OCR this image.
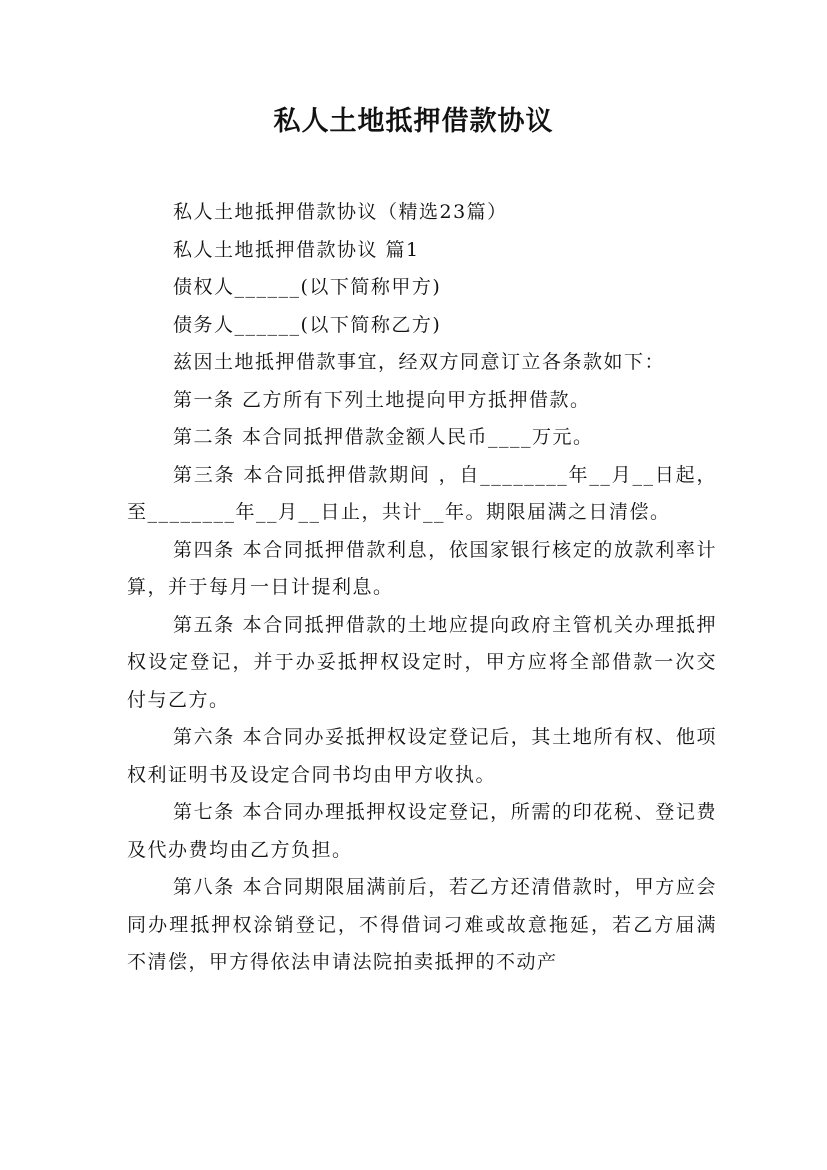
私人土地抵押借款协议

私人土地抵押借款协议（精选23篇）

私人土地抵押借款协议 篇1

债权人______(以下简称甲方)

债务人______(以下简称乙方)

兹因土地抵押借款事宜，经双方同意订立各条款如下：

第一条 乙方所有下列土地提向甲方抵押借款。

第二条 本合同抵押借款金额人民币____万元。

第三条 本合同抵押借款期间 ，自________年__月__日起，至________年__月__日止，共计__年。期限届满之日清偿。

第四条 本合同抵押借款利息，依国家银行核定的放款利率计算，并于每月一日计提利息。

第五条 本合同抵押借款的土地应提向政府主管机关办理抵押权设定登记，并于办妥抵押权设定时，甲方应将全部借款一次交付与乙方。

第六条 本合同办妥抵押权设定登记后，其土地所有权、他项权利证明书及设定合同书均由甲方收执。

第七条 本合同办理抵押权设定登记，所需的印花税、登记费及代办费均由乙方负担。

第八条 本合同期限届满前后，若乙方还清借款时，甲方应会同办理抵押权涂销登记，不得借词刁难或故意拖延，若乙方届满不清偿，甲方得依法申请法院拍卖抵押的不动产
